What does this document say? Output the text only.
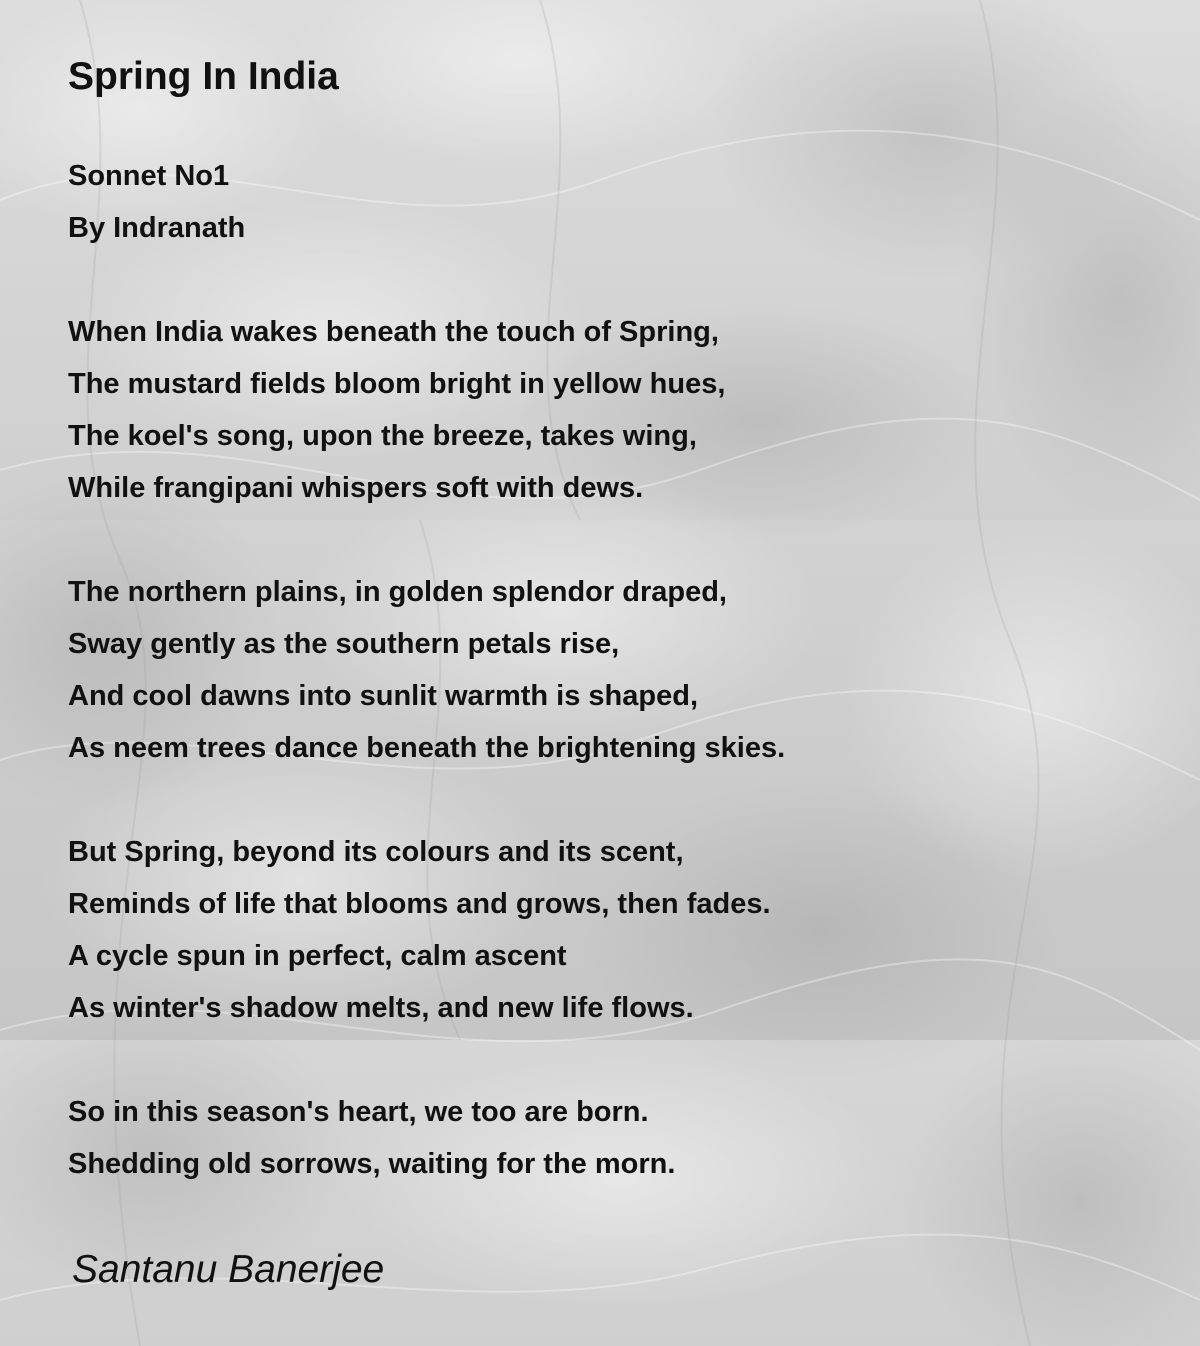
Spring In India

Sonnet No1

By Indranath

When India wakes beneath the touch of Spring,

The mustard fields bloom bright in yellow hues,

The koel's song, upon the breeze, takes wing,

While frangipani whispers soft with dews.

The northern plains, in golden splendor draped,

Sway gently as the southern petals rise,

And cool dawns into sunlit warmth is shaped,

As neem trees dance beneath the brightening skies.

But Spring, beyond its colours and its scent,

Reminds of life that blooms and grows, then fades.

A cycle spun in perfect, calm ascent

As winter's shadow melts, and new life flows.

So in this season's heart, we too are born.

Shedding old sorrows, waiting for the morn.

Santanu Banerjee
